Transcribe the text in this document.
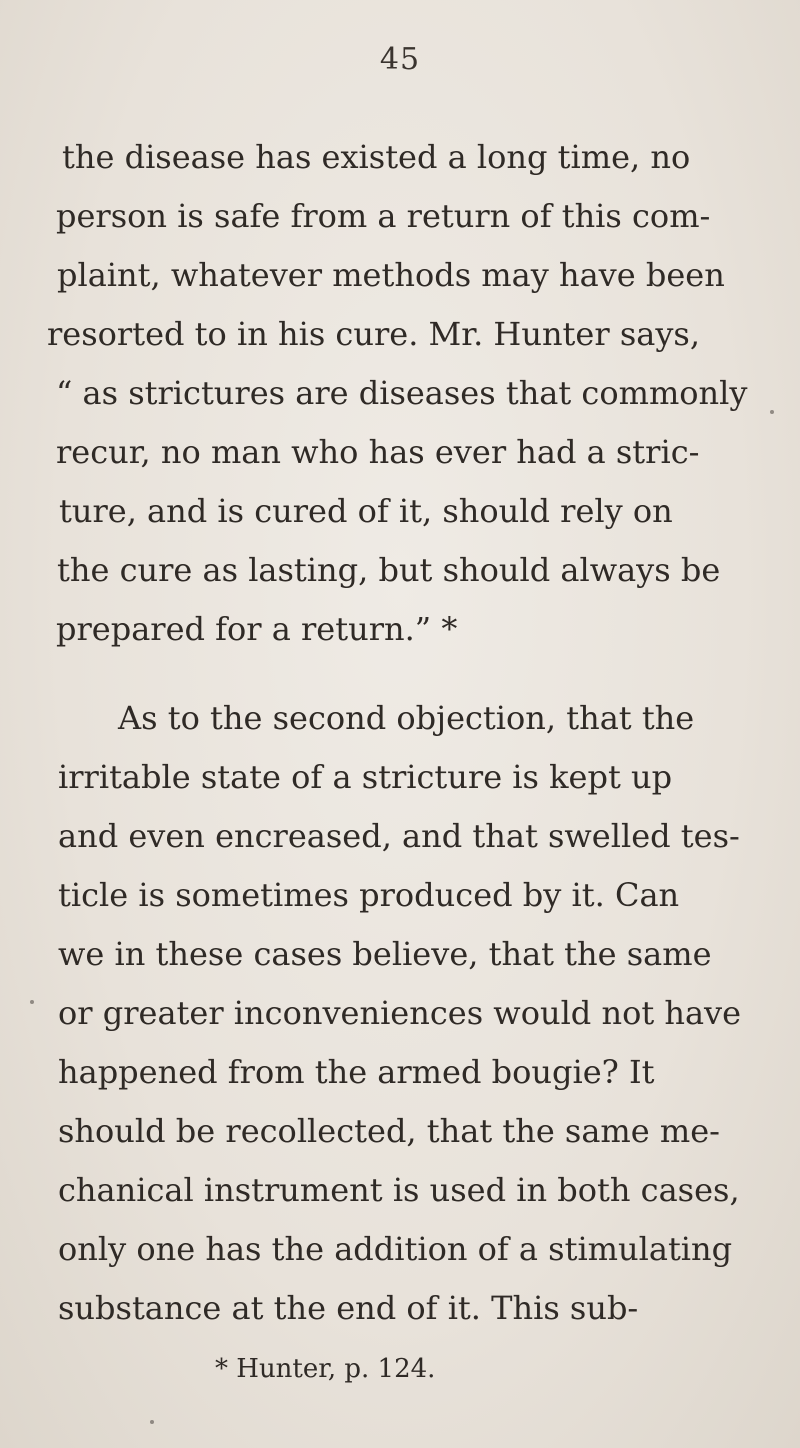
45
the disease has existed a long time, no
person is safe from a return of this com-
plaint, whatever methods may have been
resorted to in his cure. Mr. Hunter says,
“ as strictures are diseases that commonly
recur, no man who has ever had a stric-
ture, and is cured of it, should rely on
the cure as lasting, but should always be
prepared for a return.” *
As to the second objection, that the
irritable state of a stricture is kept up
and even encreased, and that swelled tes-
ticle is sometimes produced by it. Can
we in these cases believe, that the same
or greater inconveniences would not have
happened from the armed bougie? It
should be recollected, that the same me-
chanical instrument is used in both cases,
only one has the addition of a stimulating
substance at the end of it. This sub-
* Hunter, p. 124.
